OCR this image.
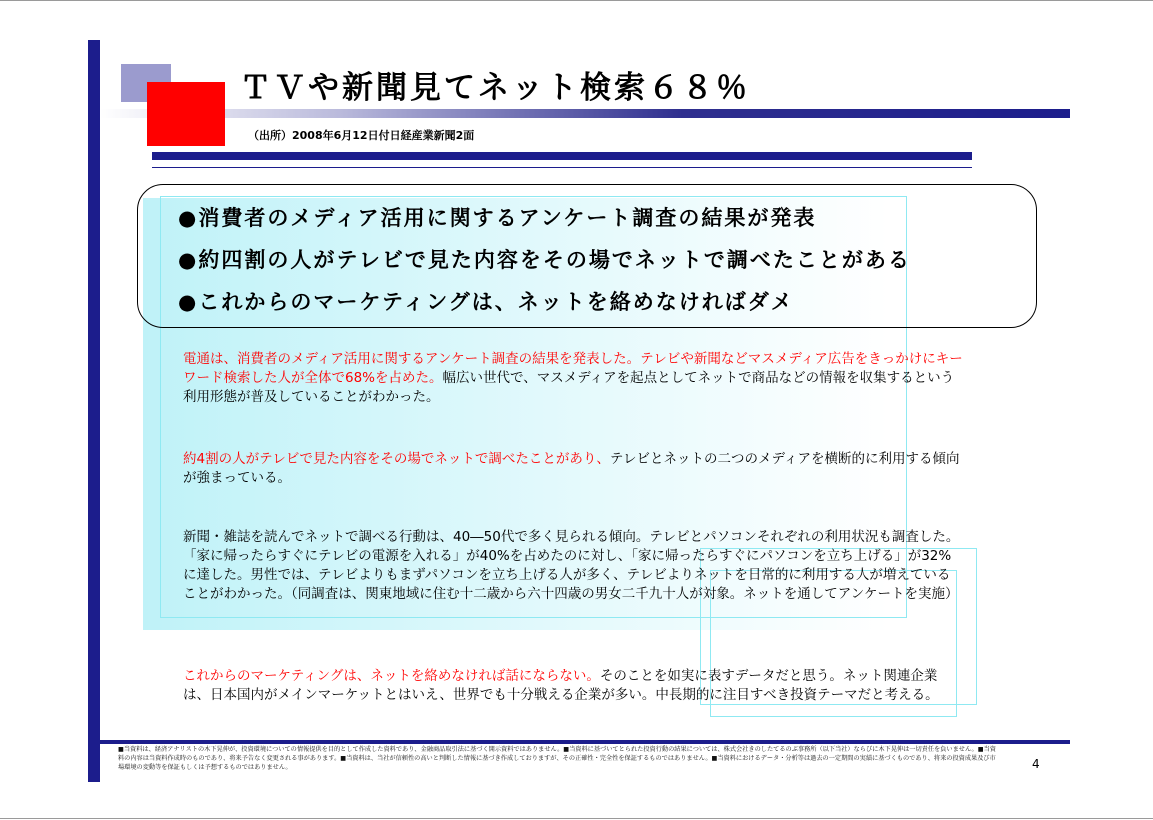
ＴＶや新聞見てネット検索６８％
（出所）2008年6月12日付日経産業新聞2面
●消費者のメディア活用に関するアンケート調査の結果が発表
●約四割の人がテレビで見た内容をその場でネットで調べたことがある
●これからのマーケティングは、ネットを絡めなければダメ

電通は、消費者のメディア活用に関するアンケート調査の結果を発表した。テレビや新聞などマスメディア広告をきっかけにキーワード検索した人が全体で68%を占めた。幅広い世代で、マスメディアを起点としてネットで商品などの情報を収集するという利用形態が普及していることがわかった。

約4割の人がテレビで見た内容をその場でネットで調べたことがあり、テレビとネットの二つのメディアを横断的に利用する傾向が強まっている。

新聞・雑誌を読んでネットで調べる行動は、40―50代で多く見られる傾向。テレビとパソコンそれぞれの利用状況も調査した。「家に帰ったらすぐにテレビの電源を入れる」が40%を占めたのに対し、「家に帰ったらすぐにパソコンを立ち上げる」が32%に達した。男性では、テレビよりもまずパソコンを立ち上げる人が多く、テレビよりネットを日常的に利用する人が増えていることがわかった。（同調査は、関東地域に住む十二歳から六十四歳の男女二千九十人が対象。ネットを通してアンケートを実施）

これからのマーケティングは、ネットを絡めなければ話にならない。そのことを如実に表すデータだと思う。ネット関連企業は、日本国内がメインマーケットとはいえ、世界でも十分戦える企業が多い。中長期的に注目すべき投資テーマだと考える。

■当資料は、経済アナリストの木下晃伸が、投資環境についての情報提供を目的として作成した資料であり、金融商品取引法に基づく開示資料ではありません。■当資料に基づいてとられた投資行動の結果については、株式会社きのしたてるのぶ事務所（以下当社）ならびに木下晃伸は一切責任を負いません。■当資料の内容は当資料作成時のものであり、将来予告なく変更される事があります。■当資料は、当社が信頼性の高いと判断した情報に基づき作成しておりますが、その正確性・完全性を保証するものではありません。■当資料におけるデータ・分析等は過去の一定期間の実績に基づくものであり、将来の投資成果及び市場環境の変動等を保証もしくは予想するものではありません。	4
